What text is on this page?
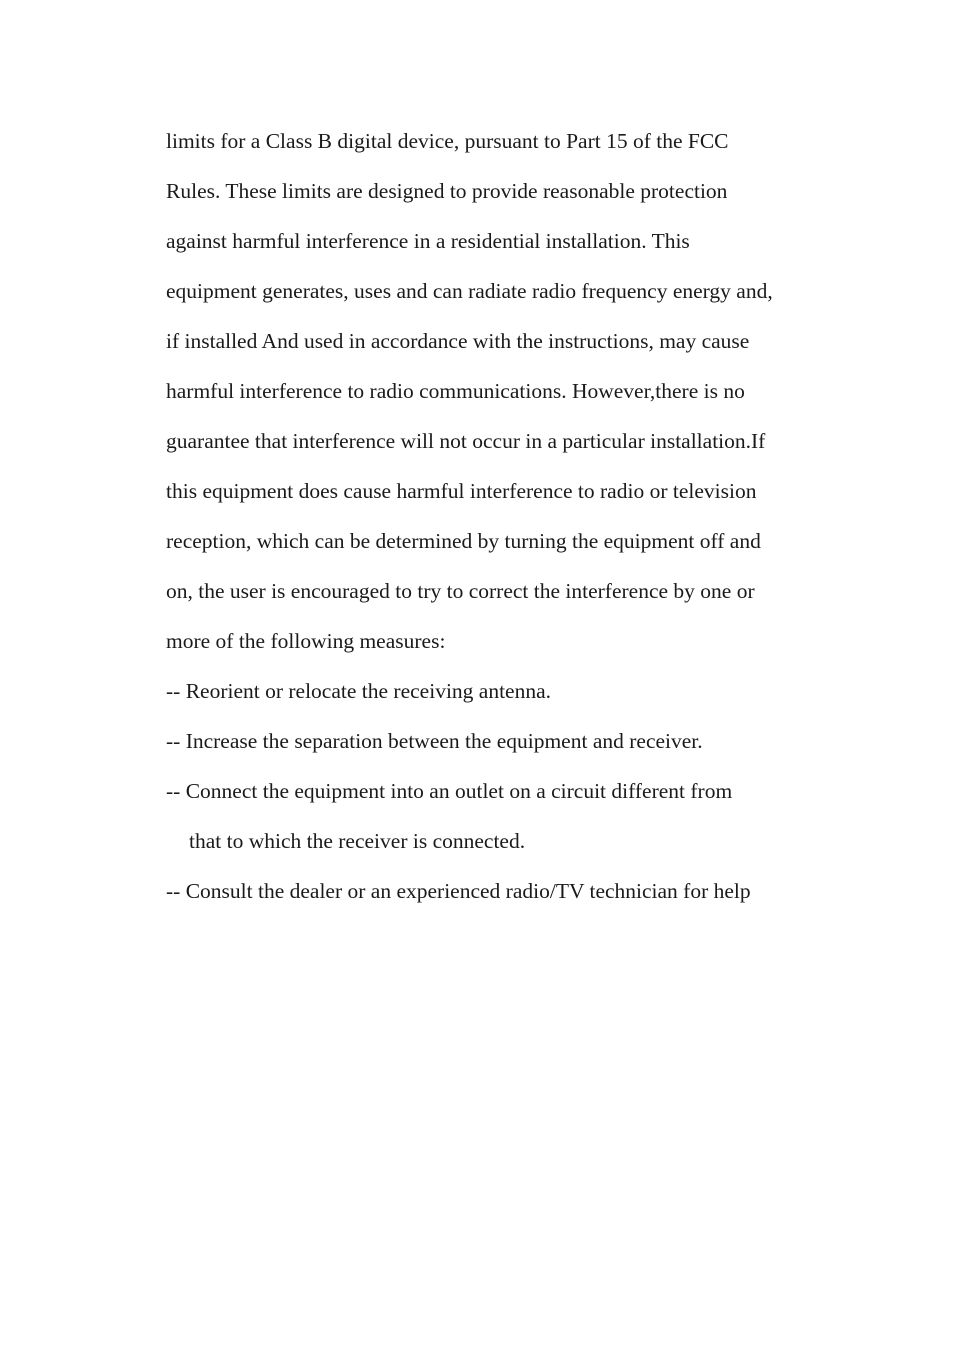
limits for a Class B digital device, pursuant to Part 15 of the FCC
Rules. These limits are designed to provide reasonable protection
against harmful interference in a residential installation. This
equipment generates, uses and can radiate radio frequency energy and,
if installed And used in accordance with the instructions, may cause
harmful interference to radio communications. However,there is no
guarantee that interference will not occur in a particular installation.If
this equipment does cause harmful interference to radio or television
reception, which can be determined by turning the equipment off and
on, the user is encouraged to try to correct the interference by one or
more of the following measures:
-- Reorient or relocate the receiving antenna.
-- Increase the separation between the equipment and receiver.
-- Connect the equipment into an outlet on a circuit different from
that to which the receiver is connected.
-- Consult the dealer or an experienced radio/TV technician for help
